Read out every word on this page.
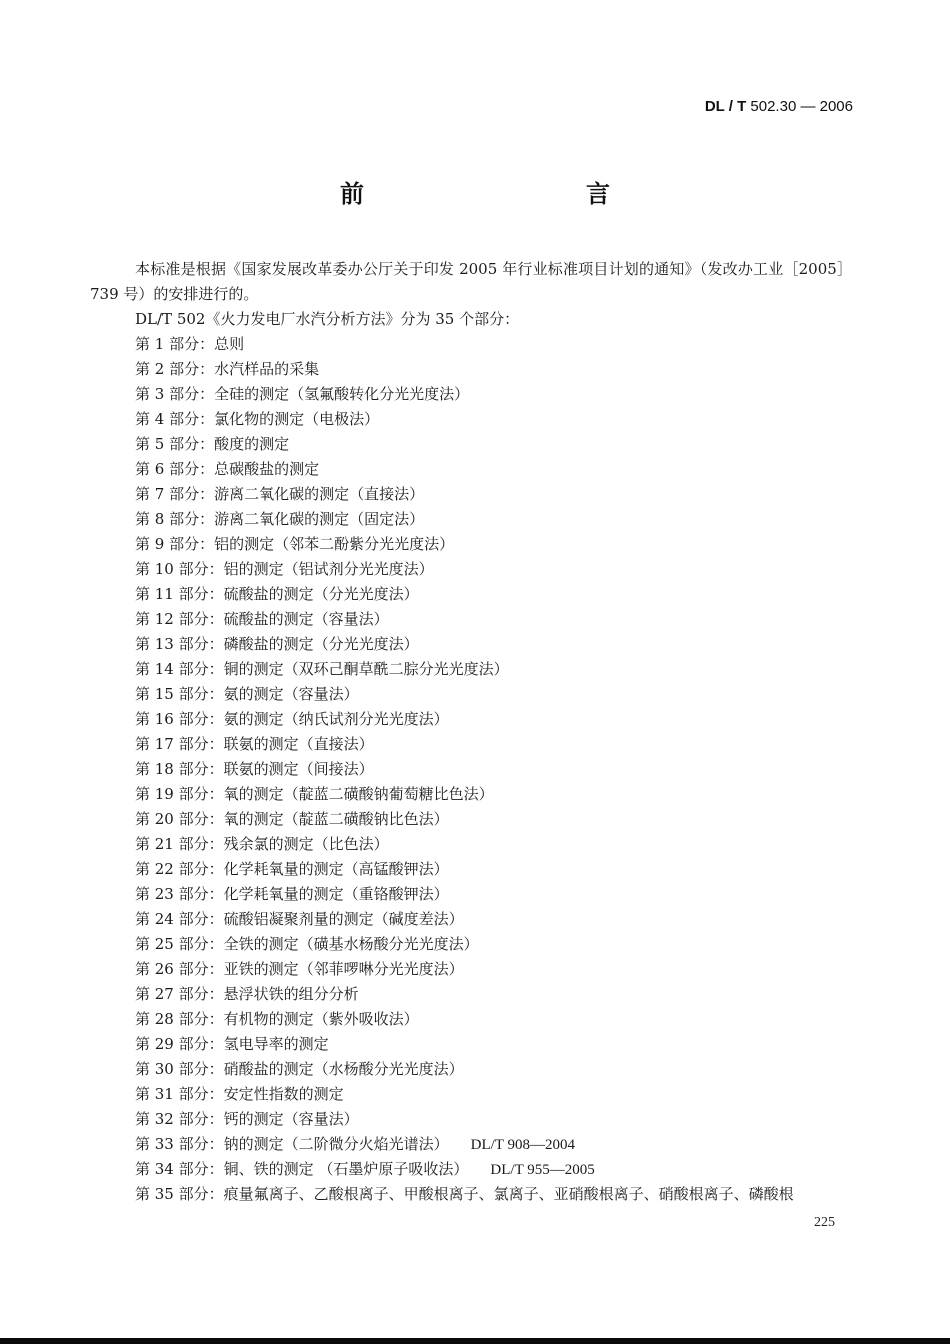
DL / T 502.30 — 2006
前　　言

本标准是根据《国家发展改革委办公厅关于印发 2005 年行业标准项目计划的通知》（发改办工业［2005］739 号）的安排进行的。

DL/T 502《火力发电厂水汽分析方法》分为 35 个部分：

第 1 部分：总则
第 2 部分：水汽样品的采集
第 3 部分：全硅的测定（氢氟酸转化分光光度法）
第 4 部分：氯化物的测定（电极法）
第 5 部分：酸度的测定
第 6 部分：总碳酸盐的测定
第 7 部分：游离二氧化碳的测定（直接法）
第 8 部分：游离二氧化碳的测定（固定法）
第 9 部分：铝的测定（邻苯二酚紫分光光度法）
第 10 部分：铝的测定（铝试剂分光光度法）
第 11 部分：硫酸盐的测定（分光光度法）
第 12 部分：硫酸盐的测定（容量法）
第 13 部分：磷酸盐的测定（分光光度法）
第 14 部分：铜的测定（双环己酮草酰二腙分光光度法）
第 15 部分：氨的测定（容量法）
第 16 部分：氨的测定（纳氏试剂分光光度法）
第 17 部分：联氨的测定（直接法）
第 18 部分：联氨的测定（间接法）
第 19 部分：氧的测定（靛蓝二磺酸钠葡萄糖比色法）
第 20 部分：氧的测定（靛蓝二磺酸钠比色法）
第 21 部分：残余氯的测定（比色法）
第 22 部分：化学耗氧量的测定（高锰酸钾法）
第 23 部分：化学耗氧量的测定（重铬酸钾法）
第 24 部分：硫酸铝凝聚剂量的测定（碱度差法）
第 25 部分：全铁的测定（磺基水杨酸分光光度法）
第 26 部分：亚铁的测定（邻菲啰啉分光光度法）
第 27 部分：悬浮状铁的组分分析
第 28 部分：有机物的测定（紫外吸收法）
第 29 部分：氢电导率的测定
第 30 部分：硝酸盐的测定（水杨酸分光光度法）
第 31 部分：安定性指数的测定
第 32 部分：钙的测定（容量法）
第 33 部分：钠的测定（二阶微分火焰光谱法） DL/T 908—2004
第 34 部分：铜、铁的测定 （石墨炉原子吸收法） DL/T 955—2005
第 35 部分：痕量氟离子、乙酸根离子、甲酸根离子、氯离子、亚硝酸根离子、硝酸根离子、磷酸根
225
